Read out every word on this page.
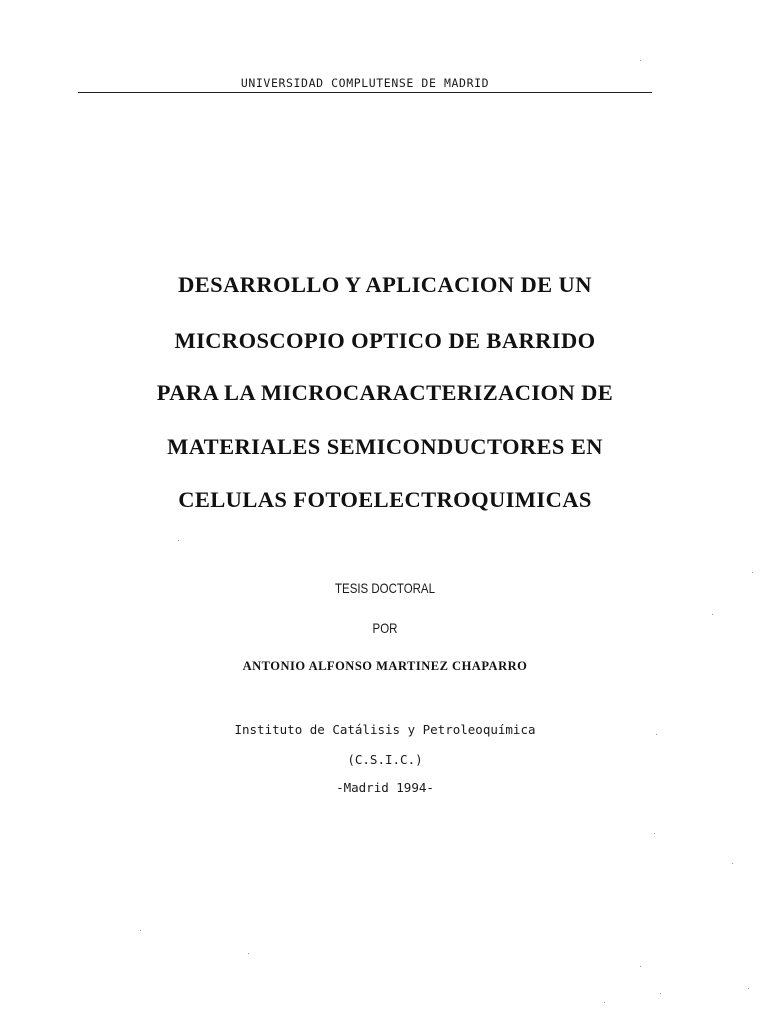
UNIVERSIDAD COMPLUTENSE DE MADRID
DESARROLLO Y APLICACION DE UN
MICROSCOPIO OPTICO DE BARRIDO
PARA LA MICROCARACTERIZACION DE
MATERIALES SEMICONDUCTORES EN
CELULAS FOTOELECTROQUIMICAS
TESIS DOCTORAL
POR
ANTONIO ALFONSO MARTINEZ CHAPARRO
Instituto de Catálisis y Petroleoquímica
(C.S.I.C.)
-Madrid 1994-
